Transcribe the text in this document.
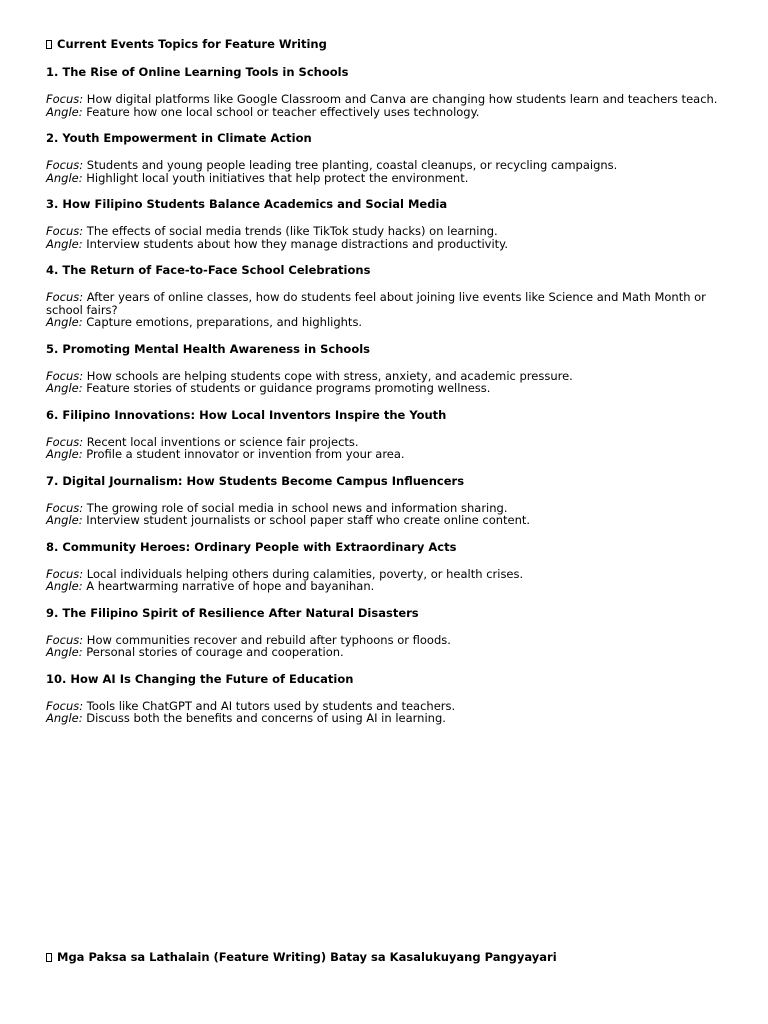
Current Events Topics for Feature Writing
1. The Rise of Online Learning Tools in Schools

Focus: How digital platforms like Google Classroom and Canva are changing how students learn and teachers teach.

Angle: Feature how one local school or teacher effectively uses technology.

2. Youth Empowerment in Climate Action

Focus: Students and young people leading tree planting, coastal cleanups, or recycling campaigns.

Angle: Highlight local youth initiatives that help protect the environment.

3. How Filipino Students Balance Academics and Social Media

Focus: The effects of social media trends (like TikTok study hacks) on learning.

Angle: Interview students about how they manage distractions and productivity.

4. The Return of Face-to-Face School Celebrations

Focus: After years of online classes, how do students feel about joining live events like Science and Math Month or school fairs?

Angle: Capture emotions, preparations, and highlights.

5. Promoting Mental Health Awareness in Schools

Focus: How schools are helping students cope with stress, anxiety, and academic pressure.

Angle: Feature stories of students or guidance programs promoting wellness.

6. Filipino Innovations: How Local Inventors Inspire the Youth

Focus: Recent local inventions or science fair projects.

Angle: Profile a student innovator or invention from your area.

7. Digital Journalism: How Students Become Campus Influencers

Focus: The growing role of social media in school news and information sharing.

Angle: Interview student journalists or school paper staff who create online content.

8. Community Heroes: Ordinary People with Extraordinary Acts

Focus: Local individuals helping others during calamities, poverty, or health crises.

Angle: A heartwarming narrative of hope and bayanihan.

9. The Filipino Spirit of Resilience After Natural Disasters

Focus: How communities recover and rebuild after typhoons or floods.

Angle: Personal stories of courage and cooperation.

10. How AI Is Changing the Future of Education

Focus: Tools like ChatGPT and AI tutors used by students and teachers.

Angle: Discuss both the benefits and concerns of using AI in learning.

Mga Paksa sa Lathalain (Feature Writing) Batay sa Kasalukuyang Pangyayari
